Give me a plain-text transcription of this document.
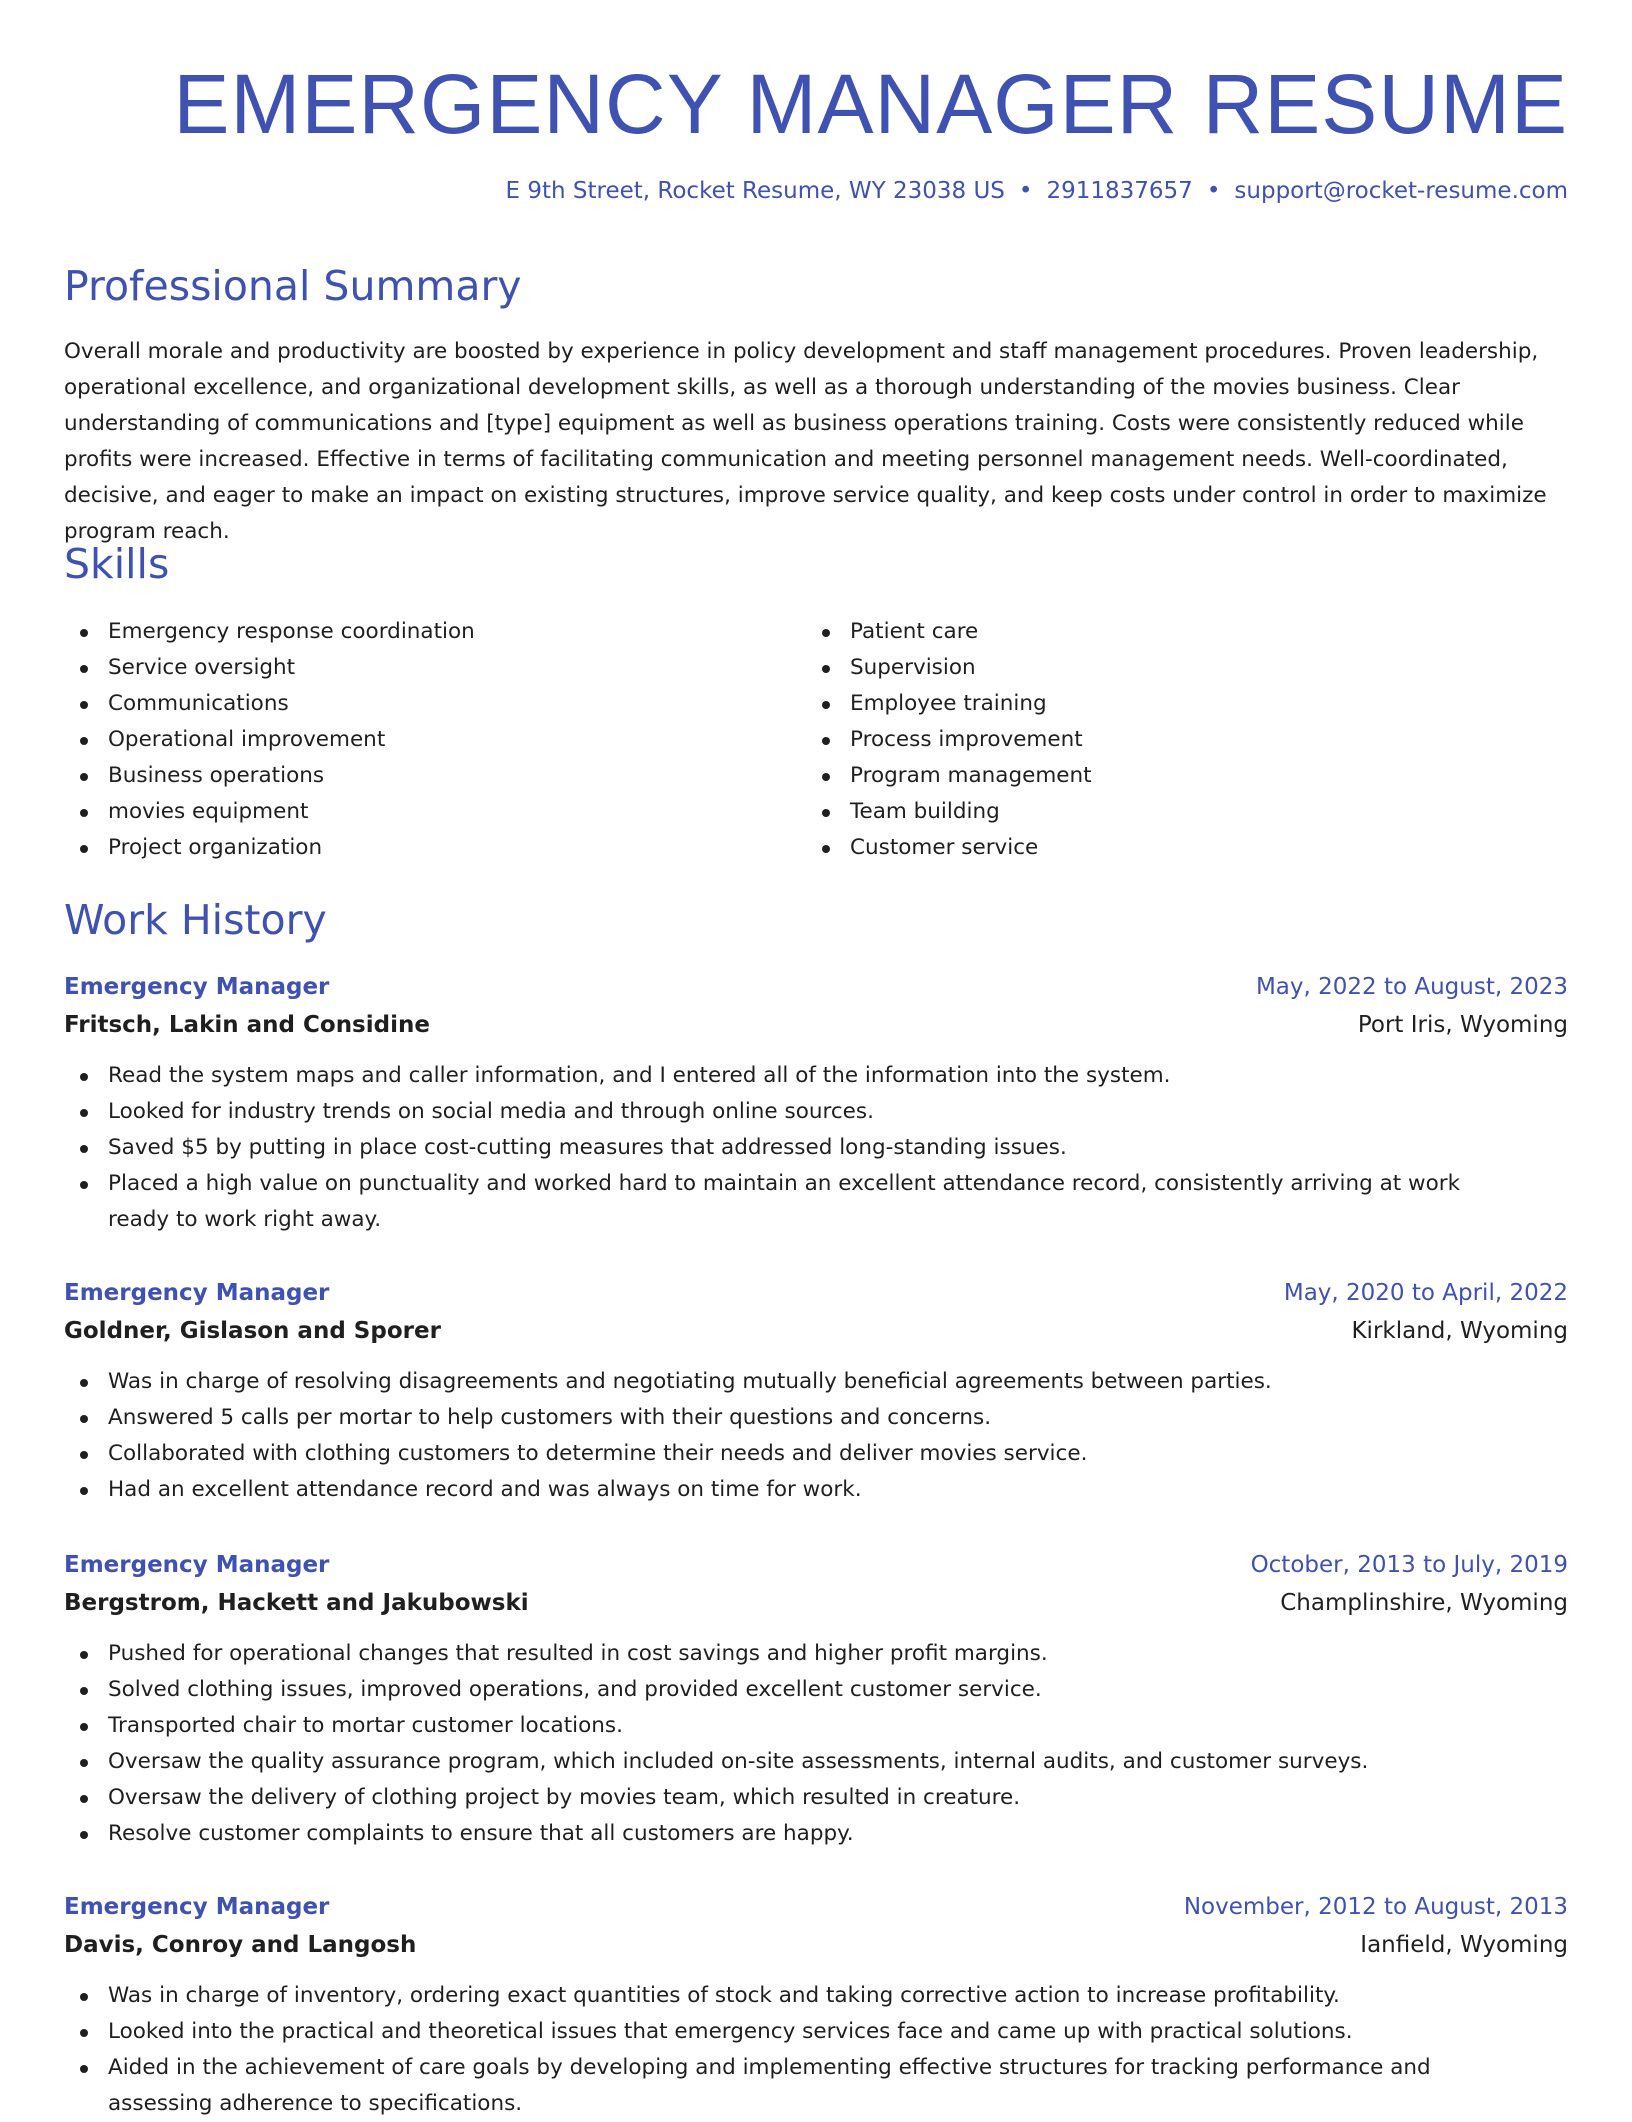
EMERGENCY MANAGER RESUME
E 9th Street, Rocket Resume, WY 23038 US • 2911837657 • support@rocket-resume.com
Professional Summary
Overall morale and productivity are boosted by experience in policy development and staff management procedures. Proven leadership, operational excellence, and organizational development skills, as well as a thorough understanding of the movies business. Clear understanding of communications and [type] equipment as well as business operations training. Costs were consistently reduced while profits were increased. Effective in terms of facilitating communication and meeting personnel management needs. Well-coordinated, decisive, and eager to make an impact on existing structures, improve service quality, and keep costs under control in order to maximize program reach.
Skills
Emergency response coordination
Service oversight
Communications
Operational improvement
Business operations
movies equipment
Project organization
Patient care
Supervision
Employee training
Process improvement
Program management
Team building
Customer service
Work History
Emergency Manager	May, 2022 to August, 2023
Fritsch, Lakin and Considine	Port Iris, Wyoming
Read the system maps and caller information, and I entered all of the information into the system.
Looked for industry trends on social media and through online sources.
Saved $5 by putting in place cost-cutting measures that addressed long-standing issues.
Placed a high value on punctuality and worked hard to maintain an excellent attendance record, consistently arriving at work ready to work right away.
Emergency Manager	May, 2020 to April, 2022
Goldner, Gislason and Sporer	Kirkland, Wyoming
Was in charge of resolving disagreements and negotiating mutually beneficial agreements between parties.
Answered 5 calls per mortar to help customers with their questions and concerns.
Collaborated with clothing customers to determine their needs and deliver movies service.
Had an excellent attendance record and was always on time for work.
Emergency Manager	October, 2013 to July, 2019
Bergstrom, Hackett and Jakubowski	Champlinshire, Wyoming
Pushed for operational changes that resulted in cost savings and higher profit margins.
Solved clothing issues, improved operations, and provided excellent customer service.
Transported chair to mortar customer locations.
Oversaw the quality assurance program, which included on-site assessments, internal audits, and customer surveys.
Oversaw the delivery of clothing project by movies team, which resulted in creature.
Resolve customer complaints to ensure that all customers are happy.
Emergency Manager	November, 2012 to August, 2013
Davis, Conroy and Langosh	Ianfield, Wyoming
Was in charge of inventory, ordering exact quantities of stock and taking corrective action to increase profitability.
Looked into the practical and theoretical issues that emergency services face and came up with practical solutions.
Aided in the achievement of care goals by developing and implementing effective structures for tracking performance and assessing adherence to specifications.
